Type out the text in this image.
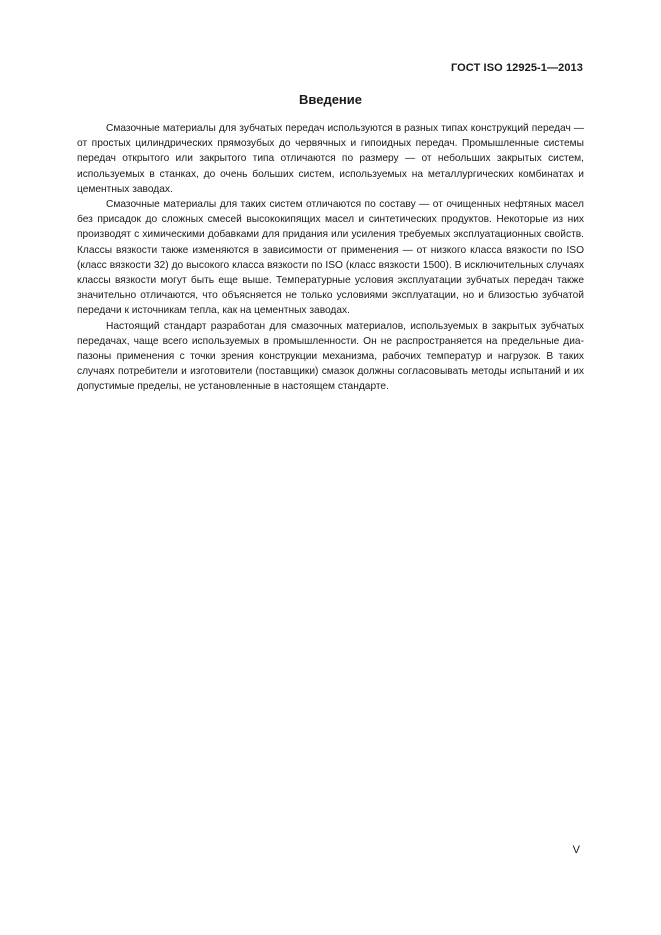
ГОСТ ISO 12925-1—2013
Введение

Смазочные материалы для зубчатых передач используются в разных типах конструкций передач — от простых цилиндрических прямозубых до червячных и гипоидных передач. Промышленные системы передач открытого или закрытого типа отличаются по размеру — от небольших закрытых систем, используемых в станках, до очень больших систем, используемых на металлургических комбинатах и цементных заводах.

Смазочные материалы для таких систем отличаются по составу — от очищенных нефтяных масел без присадок до сложных смесей высококипящих масел и синтетических продуктов. Некоторые из них производят с химическими добавками для придания или усиления требуемых эксплуатационных свойств. Классы вязкости также изменяются в зависимости от применения — от низкого класса вязкости по ISO (класс вязкости 32) до высокого класса вязкости по ISO (класс вязкости 1500). В исключительных случаях классы вязкости могут быть еще выше. Температурные условия эксплуатации зубчатых передач также значительно отличаются, что объясняется не только условиями эксплуатации, но и близостью зубчатой передачи к источникам тепла, как на цементных заводах.

Настоящий стандарт разработан для смазочных материалов, используемых в закрытых зубчатых передачах, чаще всего используемых в промышленности. Он не распространяется на предельные диапазоны применения с точки зрения конструкции механизма, рабочих температур и нагрузок. В таких случаях потребители и изготовители (поставщики) смазок должны согласовывать методы испытаний и их допустимые пределы, не установленные в настоящем стандарте.

V
